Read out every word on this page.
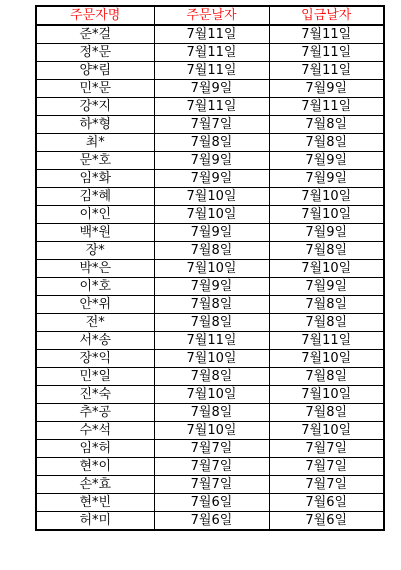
주문자명	주문날자	입금날자
준*걸	7월11일	7월11일
정*문	7월11일	7월11일
양*림	7월11일	7월11일
민*문	7월9일	7월9일
강*지	7월11일	7월11일
하*형	7월7일	7월8일
최*	7월8일	7월8일
문*호	7월9일	7월9일
임*화	7월9일	7월9일
김*혜	7월10일	7월10일
이*인	7월10일	7월10일
백*원	7월9일	7월9일
장*	7월8일	7월8일
박*은	7월10일	7월10일
이*호	7월9일	7월9일
안*위	7월8일	7월8일
전*	7월8일	7월8일
서*송	7월11일	7월11일
장*익	7월10일	7월10일
민*일	7월8일	7월8일
진*숙	7월10일	7월10일
추*공	7월8일	7월8일
수*석	7월10일	7월10일
임*허	7월7일	7월7일
현*이	7월7일	7월7일
손*효	7월7일	7월7일
현*빈	7월6일	7월6일
허*미	7월6일	7월6일
